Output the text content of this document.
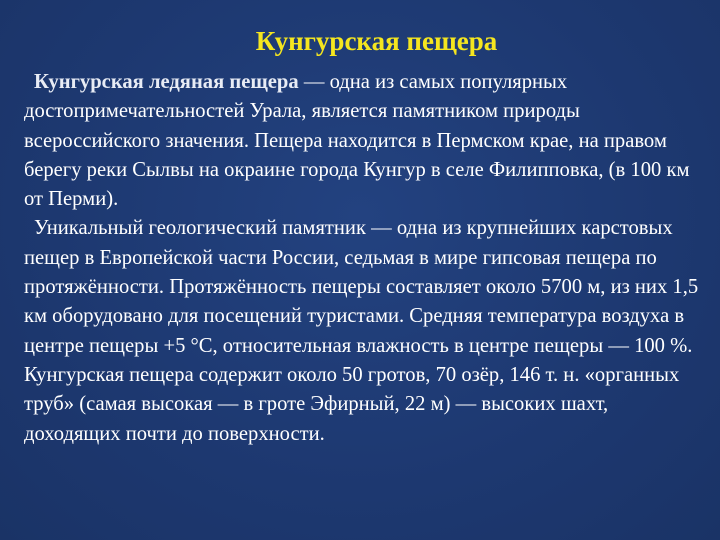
Кунгурская пещера

Кунгурская ледяная пещера — одна из самых популярных достопримечательностей Урала, является памятником природы всероссийского значения. Пещера находится в Пермском крае, на правом берегу реки Сылвы на окраине города Кунгур в селе Филипповка, (в 100 км от Перми).

Уникальный геологический памятник — одна из крупнейших карстовых пещер в Европейской части России, седьмая в мире гипсовая пещера по протяжённости. Протяжённость пещеры составляет около 5700 м, из них 1,5 км оборудовано для посещений туристами. Средняя температура воздуха в центре пещеры +5 °С, относительная влажность в центре пещеры — 100 %. Кунгурская пещера содержит около 50 гротов, 70 озёр, 146 т. н. «органных труб» (самая высокая — в гроте Эфирный, 22 м) — высоких шахт, доходящих почти до поверхности.
